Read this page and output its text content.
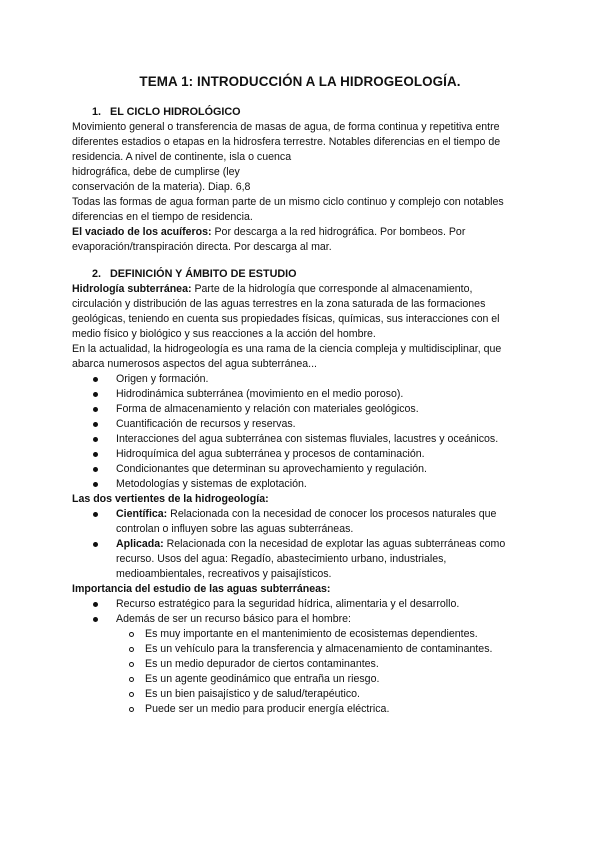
TEMA 1: INTRODUCCIÓN A LA HIDROGEOLOGÍA.
1. EL CICLO HIDROLÓGICO

Movimiento general o transferencia de masas de agua, de forma continua y repetitiva entre
diferentes estadios o etapas en la hidrosfera terrestre. Notables diferencias en el tiempo de
residencia. A nivel de continente, isla o cuenca
hidrográfica, debe de cumplirse (ley
conservación de la materia). Diap. 6,8

Todas las formas de agua forman parte de un mismo ciclo continuo y complejo con notables
diferencias en el tiempo de residencia.

El vaciado de los acuíferos: Por descarga a la red hidrográfica. Por bombeos. Por
evaporación/transpiración directa. Por descarga al mar.

2. DEFINICIÓN Y ÁMBITO DE ESTUDIO

Hidrología subterránea: Parte de la hidrología que corresponde al almacenamiento,
circulación y distribución de las aguas terrestres en la zona saturada de las formaciones
geológicas, teniendo en cuenta sus propiedades físicas, químicas, sus interacciones con el
medio físico y biológico y sus reacciones a la acción del hombre.

En la actualidad, la hidrogeología es una rama de la ciencia compleja y multidisciplinar, que
abarca numerosos aspectos del agua subterránea...

Origen y formación.
Hidrodinámica subterránea (movimiento en el medio poroso).
Forma de almacenamiento y relación con materiales geológicos.
Cuantificación de recursos y reservas.
Interacciones del agua subterránea con sistemas fluviales, lacustres y oceánicos.
Hidroquímica del agua subterránea y procesos de contaminación.
Condicionantes que determinan su aprovechamiento y regulación.
Metodologías y sistemas de explotación.

Las dos vertientes de la hidrogeología:

Científica: Relacionada con la necesidad de conocer los procesos naturales que
controlan o influyen sobre las aguas subterráneas.
Aplicada: Relacionada con la necesidad de explotar las aguas subterráneas como
recurso. Usos del agua: Regadío, abastecimiento urbano, industriales,
medioambientales, recreativos y paisajísticos.

Importancia del estudio de las aguas subterráneas:

Recurso estratégico para la seguridad hídrica, alimentaria y el desarrollo.
Además de ser un recurso básico para el hombre:
Es muy importante en el mantenimiento de ecosistemas dependientes.
Es un vehículo para la transferencia y almacenamiento de contaminantes.
Es un medio depurador de ciertos contaminantes.
Es un agente geodinámico que entraña un riesgo.
Es un bien paisajístico y de salud/terapéutico.
Puede ser un medio para producir energía eléctrica.
